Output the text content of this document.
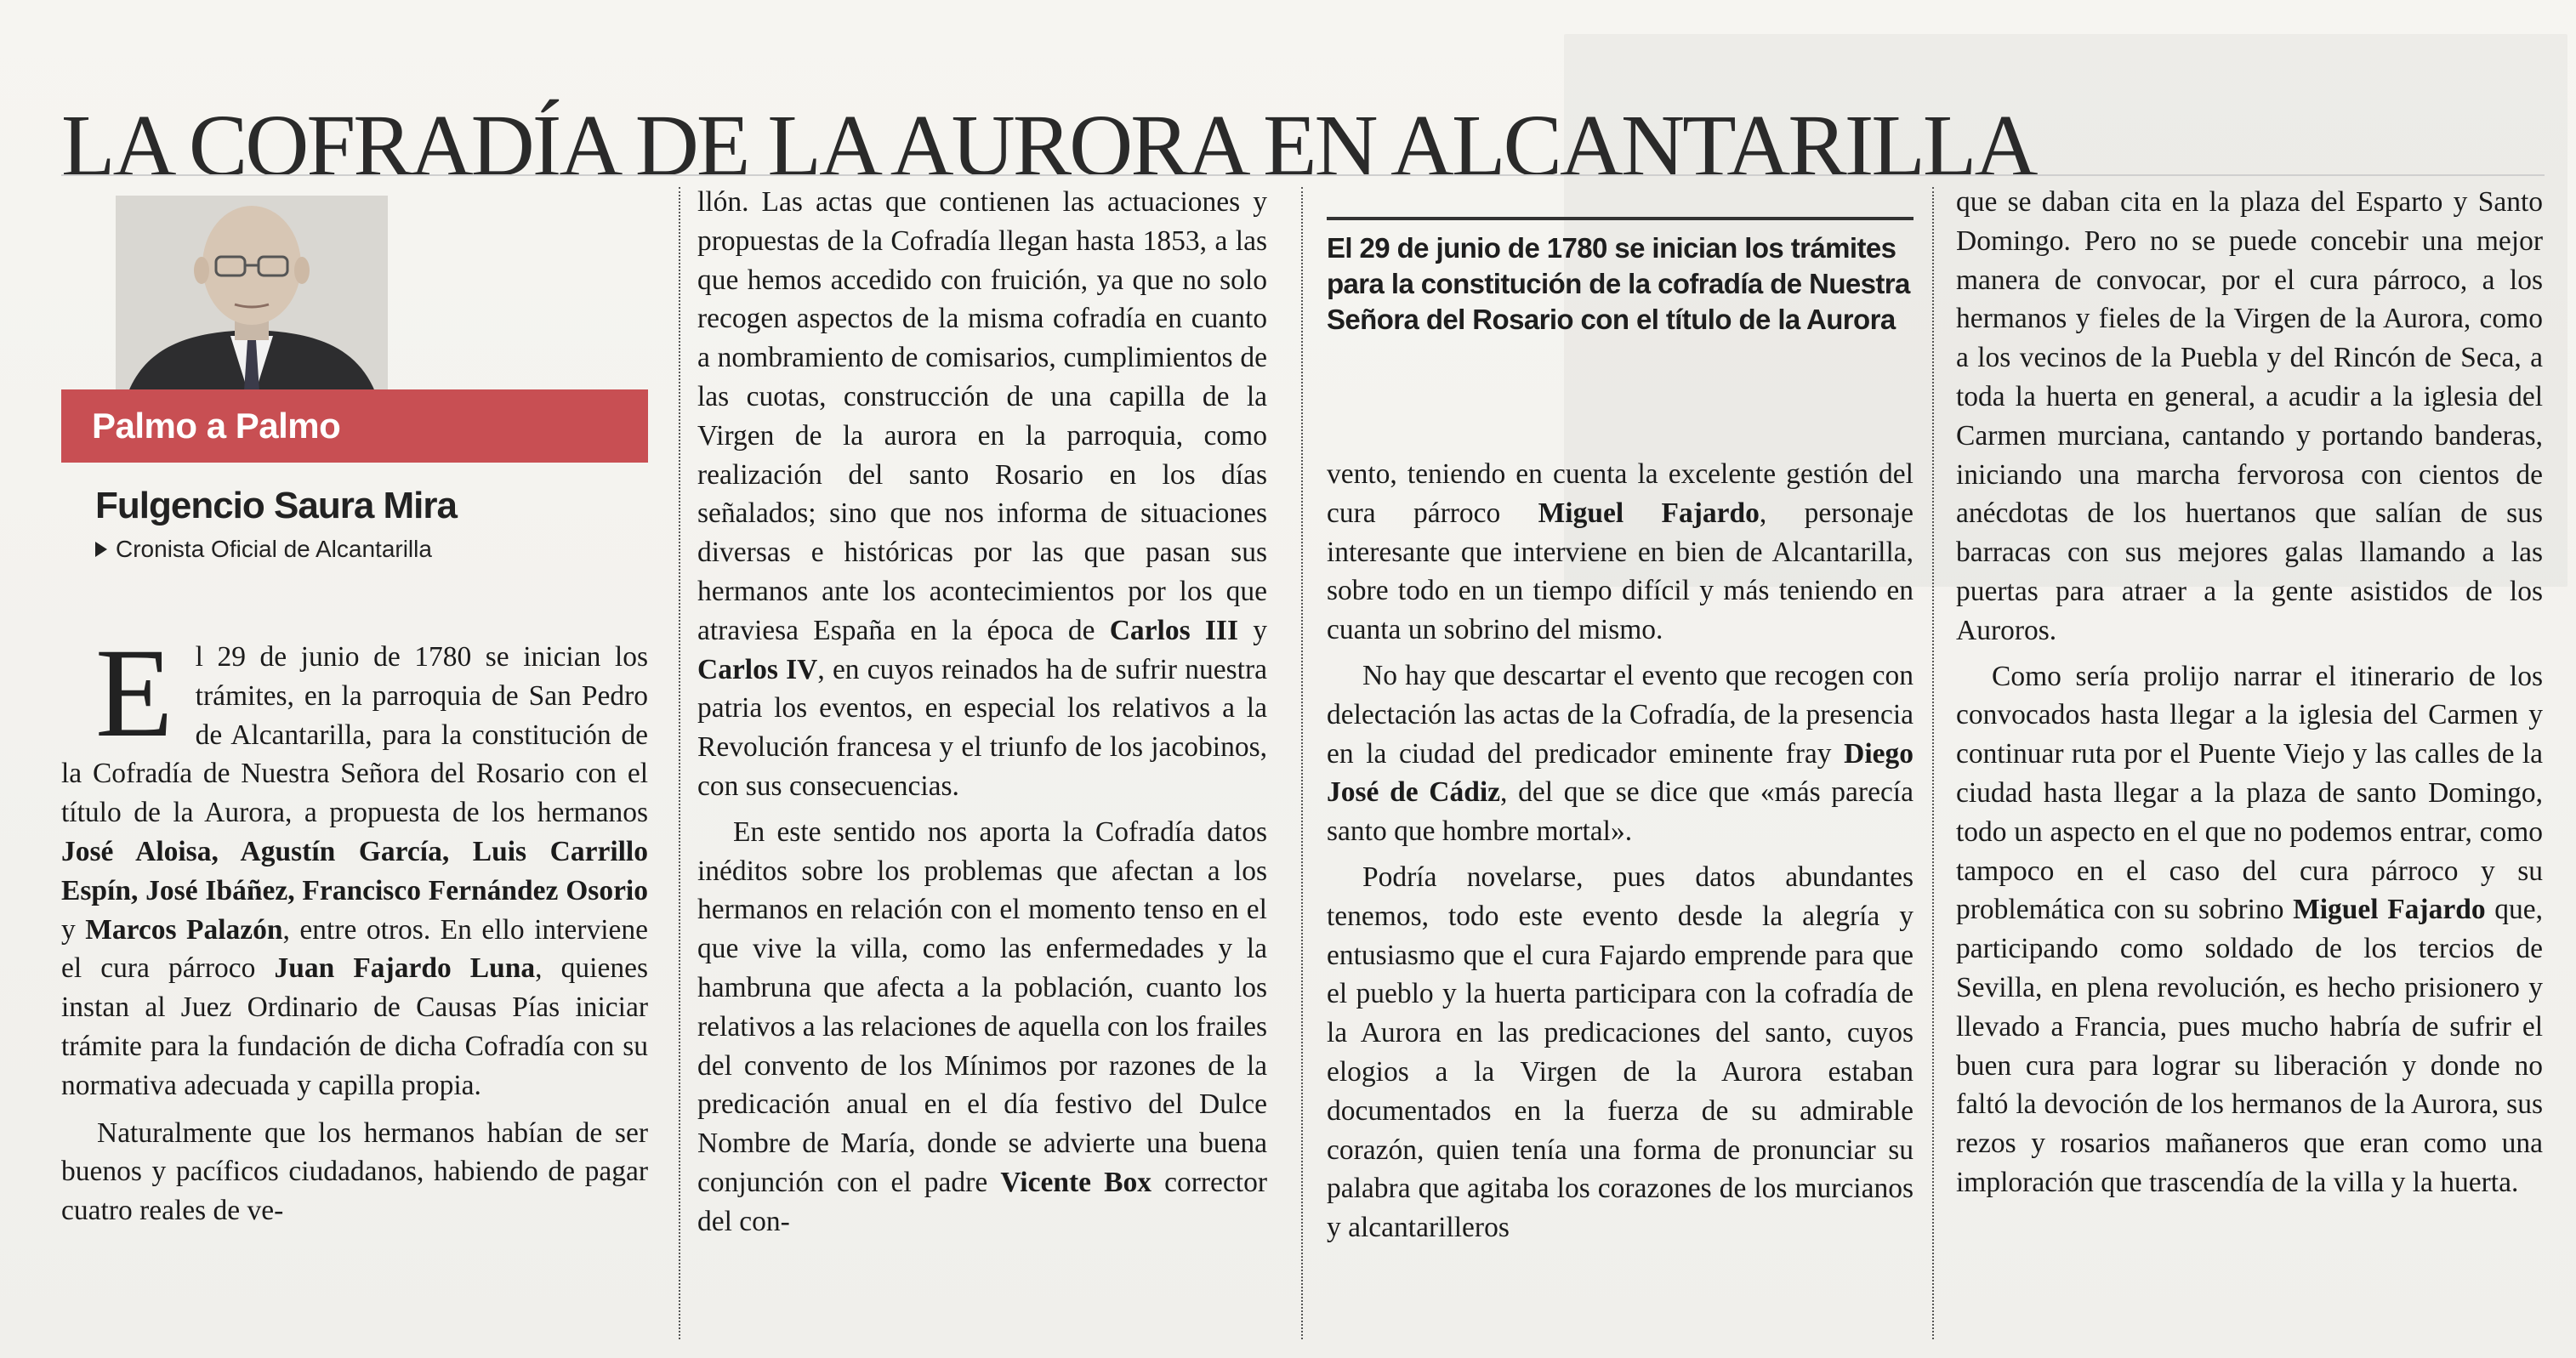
LA COFRADÍA DE LA AURORA EN ALCANTARILLA
Palmo a Palmo
Fulgencio Saura Mira
Cronista Oficial de Alcantarilla

El 29 de junio de 1780 se inician los trámites, en la parroquia de San Pedro de Alcantarilla, para la constitución de la Cofradía de Nuestra Señora del Rosario con el título de la Aurora, a propuesta de los hermanos José Aloisa, Agustín García, Luis Carrillo Espín, José Ibáñez, Francisco Fernández Osorio y Marcos Palazón, entre otros. En ello interviene el cura párroco Juan Fajardo Luna, quienes instan al Juez Ordinario de Causas Pías iniciar trámite para la fundación de dicha Cofradía con su normativa adecuada y capilla propia.

Naturalmente que los hermanos habían de ser buenos y pacíficos ciudadanos, habiendo de pagar cuatro reales de ve-

llón. Las actas que contienen las actuaciones y propuestas de la Cofradía llegan hasta 1853, a las que hemos accedido con fruición, ya que no solo recogen aspectos de la misma cofradía en cuanto a nombramiento de comisarios, cumplimientos de las cuotas, construcción de una capilla de la Virgen de la aurora en la parroquia, como realización del santo Rosario en los días señalados; sino que nos informa de situaciones diversas e históricas por las que pasan sus hermanos ante los acontecimientos por los que atraviesa España en la época de Carlos III y Carlos IV, en cuyos reinados ha de sufrir nuestra patria los eventos, en especial los relativos a la Revolución francesa y el triunfo de los jacobinos, con sus consecuencias.

En este sentido nos aporta la Cofradía datos inéditos sobre los problemas que afectan a los hermanos en relación con el momento tenso en el que vive la villa, como las enfermedades y la hambruna que afecta a la población, cuanto los relativos a las relaciones de aquella con los frailes del convento de los Mínimos por razones de la predicación anual en el día festivo del Dulce Nombre de María, donde se advierte una buena conjunción con el padre Vicente Box corrector del con-

El 29 de junio de 1780 se inician los trámites para la constitución de la cofradía de Nuestra Señora del Rosario con el título de la Aurora

vento, teniendo en cuenta la excelente gestión del cura párroco Miguel Fajardo, personaje interesante que interviene en bien de Alcantarilla, sobre todo en un tiempo difícil y más teniendo en cuanta un sobrino del mismo.

No hay que descartar el evento que recogen con delectación las actas de la Cofradía, de la presencia en la ciudad del predicador eminente fray Diego José de Cádiz, del que se dice que «más parecía santo que hombre mortal».

Podría novelarse, pues datos abundantes tenemos, todo este evento desde la alegría y entusiasmo que el cura Fajardo emprende para que el pueblo y la huerta participara con la cofradía de la Aurora en las predicaciones del santo, cuyos elogios a la Virgen de la Aurora estaban documentados en la fuerza de su admirable corazón, quien tenía una forma de pronunciar su palabra que agitaba los corazones de los murcianos y alcantarilleros

que se daban cita en la plaza del Esparto y Santo Domingo. Pero no se puede concebir una mejor manera de convocar, por el cura párroco, a los hermanos y fieles de la Virgen de la Aurora, como a los vecinos de la Puebla y del Rincón de Seca, a toda la huerta en general, a acudir a la iglesia del Carmen murciana, cantando y portando banderas, iniciando una marcha fervorosa con cientos de anécdotas de los huertanos que salían de sus barracas con sus mejores galas llamando a las puertas para atraer a la gente asistidos de los Auroros.

Como sería prolijo narrar el itinerario de los convocados hasta llegar a la iglesia del Carmen y continuar ruta por el Puente Viejo y las calles de la ciudad hasta llegar a la plaza de santo Domingo, todo un aspecto en el que no podemos entrar, como tampoco en el caso del cura párroco y su problemática con su sobrino Miguel Fajardo que, participando como soldado de los tercios de Sevilla, en plena revolución, es hecho prisionero y llevado a Francia, pues mucho habría de sufrir el buen cura para lograr su liberación y donde no faltó la devoción de los hermanos de la Aurora, sus rezos y rosarios mañaneros que eran como una imploración que trascendía de la villa y la huerta.
